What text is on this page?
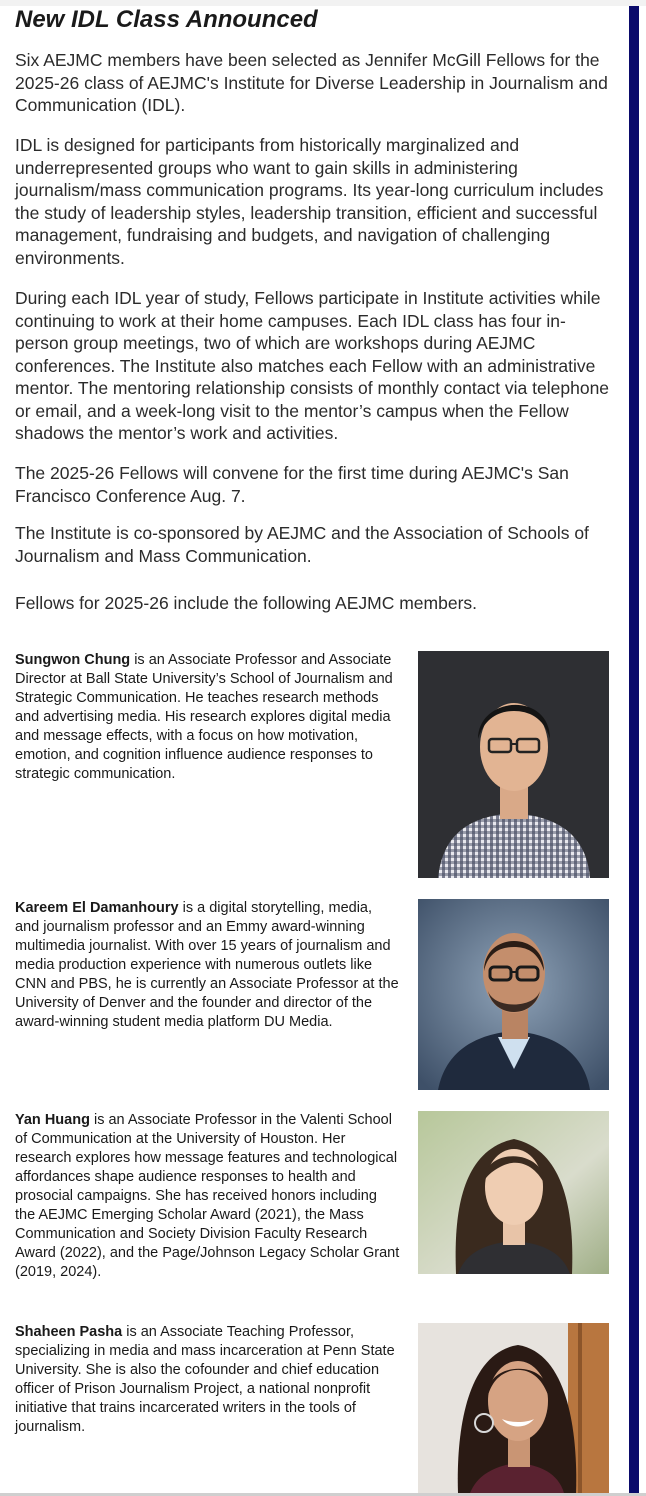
New IDL Class Announced

Six AEJMC members have been selected as Jennifer McGill Fellows for the 2025-26 class of AEJMC's Institute for Diverse Leadership in Journalism and Communication (IDL).

IDL is designed for participants from historically marginalized and underrepresented groups who want to gain skills in administering journalism/mass communication programs. Its year-long curriculum includes the study of leadership styles, leadership transition, efficient and successful management, fundraising and budgets, and navigation of challenging environments.

During each IDL year of study, Fellows participate in Institute activities while continuing to work at their home campuses. Each IDL class has four in-person group meetings, two of which are workshops during AEJMC conferences. The Institute also matches each Fellow with an administrative mentor. The mentoring relationship consists of monthly contact via telephone or email, and a week-long visit to the mentor’s campus when the Fellow shadows the mentor’s work and activities.

The 2025-26 Fellows will convene for the first time during AEJMC's San Francisco Conference Aug. 7.

The Institute is co-sponsored by AEJMC and the Association of Schools of Journalism and Mass Communication.

Fellows for 2025-26 include the following AEJMC members.

Sungwon Chung is an Associate Professor and Associate Director at Ball State University’s School of Journalism and Strategic Communication. He teaches research methods and advertising media. His research explores digital media and message effects, with a focus on how motivation, emotion, and cognition influence audience responses to strategic communication.

Kareem El Damanhoury is a digital storytelling, media, and journalism professor and an Emmy award-winning multimedia journalist. With over 15 years of journalism and media production experience with numerous outlets like CNN and PBS, he is currently an Associate Professor at the University of Denver and the founder and director of the award-winning student media platform DU Media.

Yan Huang is an Associate Professor in the Valenti School of Communication at the University of Houston. Her research explores how message features and technological affordances shape audience responses to health and prosocial campaigns. She has received honors including the AEJMC Emerging Scholar Award (2021), the Mass Communication and Society Division Faculty Research Award (2022), and the Page/Johnson Legacy Scholar Grant (2019, 2024).

Shaheen Pasha is an Associate Teaching Professor, specializing in media and mass incarceration at Penn State University. She is also the cofounder and chief education officer of Prison Journalism Project, a national nonprofit initiative that trains incarcerated writers in the tools of journalism.
